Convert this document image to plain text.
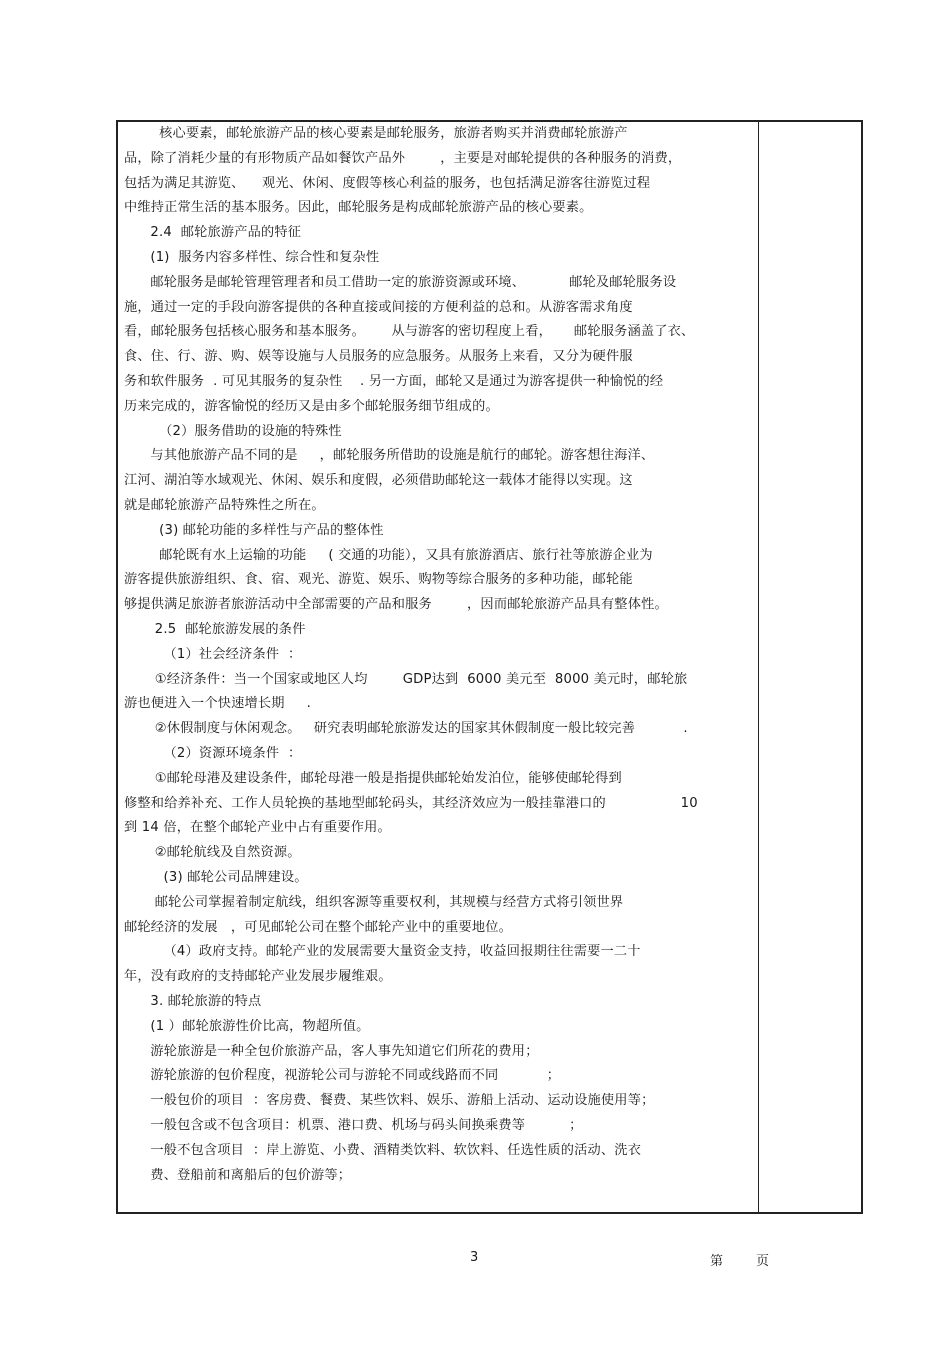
核心要素，邮轮旅游产品的核心要素是邮轮服务，旅游者购买并消费邮轮旅游产
品，除了消耗少量的有形物质产品如餐饮产品外        ，主要是对邮轮提供的各种服务的消费，
包括为满足其游览、    观光、休闲、度假等核心利益的服务，也包括满足游客往游览过程
中维持正常生活的基本服务。因此，邮轮服务是构成邮轮旅游产品的核心要素。
2.4  邮轮旅游产品的特征
(1)  服务内容多样性、综合性和复杂性
邮轮服务是邮轮管理管理者和员工借助一定的旅游资源或环境、          邮轮及邮轮服务设
施，通过一定的手段向游客提供的各种直接或间接的方便利益的总和。从游客需求角度
看，邮轮服务包括核心服务和基本服务。      从与游客的密切程度上看，     邮轮服务涵盖了衣、
食、住、行、游、购、娱等设施与人员服务的应急服务。从服务上来看，又分为硬件服
务和软件服务  . 可见其服务的复杂性    . 另一方面，邮轮又是通过为游客提供一种愉悦的经
历来完成的，游客愉悦的经历又是由多个邮轮服务细节组成的。
（2）服务借助的设施的特殊性
与其他旅游产品不同的是     ，邮轮服务所借助的设施是航行的邮轮。游客想往海洋、
江河、湖泊等水域观光、休闲、娱乐和度假，必须借助邮轮这一载体才能得以实现。这
就是邮轮旅游产品特殊性之所在。
(3) 邮轮功能的多样性与产品的整体性
邮轮既有水上运输的功能     ( 交通的功能），又具有旅游酒店、旅行社等旅游企业为
游客提供旅游组织、食、宿、观光、游览、娱乐、购物等综合服务的多种功能，邮轮能
够提供满足旅游者旅游活动中全部需要的产品和服务        ，因而邮轮旅游产品具有整体性。
2.5  邮轮旅游发展的条件
（1）社会经济条件  ：
①经济条件：当一个国家或地区人均        GDP达到  6000 美元至  8000 美元时，邮轮旅
游也便进入一个快速增长期     .
②休假制度与休闲观念。   研究表明邮轮旅游发达的国家其休假制度一般比较完善           .
（2）资源环境条件  ：
①邮轮母港及建设条件，邮轮母港一般是指提供邮轮始发泊位，能够使邮轮得到
修整和给养补充、工作人员轮换的基地型邮轮码头，其经济效应为一般挂靠港口的                 10
到 14 倍，在整个邮轮产业中占有重要作用。
②邮轮航线及自然资源。
(3) 邮轮公司品牌建设。
邮轮公司掌握着制定航线，组织客源等重要权利，其规模与经营方式将引领世界
邮轮经济的发展   ，可见邮轮公司在整个邮轮产业中的重要地位。
（4）政府支持。邮轮产业的发展需要大量资金支持，收益回报期往往需要一二十
年，没有政府的支持邮轮产业发展步履维艰。
3. 邮轮旅游的特点
(1 ）邮轮旅游性价比高，物超所值。
游轮旅游是一种全包价旅游产品，客人事先知道它们所花的费用；
游轮旅游的包价程度，视游轮公司与游轮不同或线路而不同           ；
一般包价的项目  ：客房费、餐费、某些饮料、娱乐、游船上活动、运动设施使用等；
一般包含或不包含项目：机票、港口费、机场与码头间换乘费等          ；
一般不包含项目  ：岸上游览、小费、酒精类饮料、软饮料、任选性质的活动、洗衣
费、登船前和离船后的包价游等；
3	第	页
